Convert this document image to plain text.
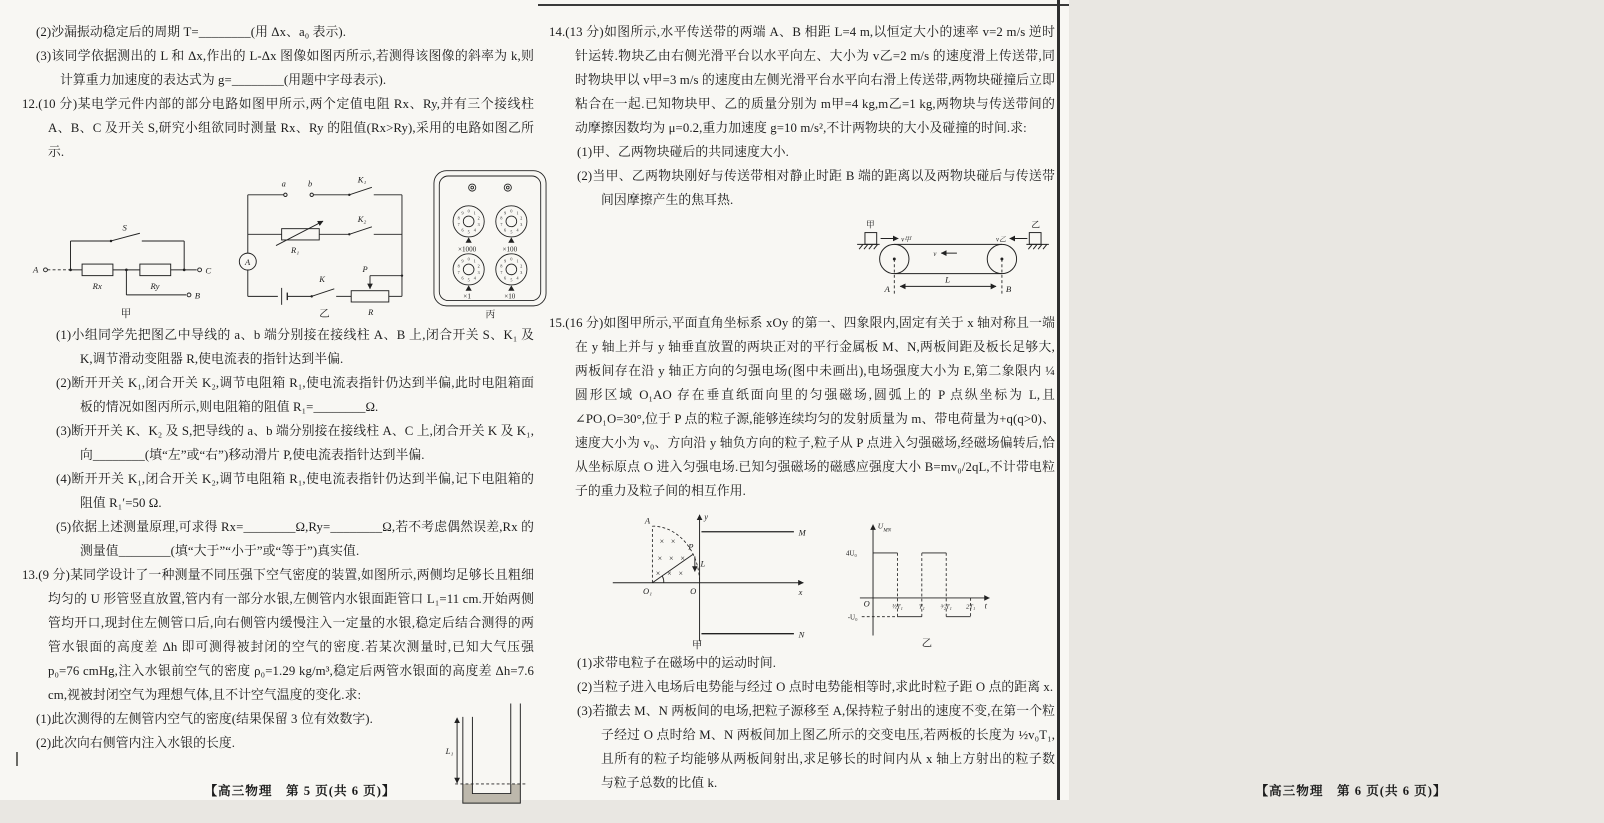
(2)沙漏振动稳定后的周期 T=________(用 Δx、a₀ 表示).

(3)该同学依据测出的 L 和 Δx,作出的 L-Δx 图像如图丙所示,若测得该图像的斜率为 k,则计算重力加速度的表达式为 g=________(用题中字母表示).

12.(10 分)某电学元件内部的部分电路如图甲所示,两个定值电阻 Rx、Ry,并有三个接线柱 A、B、C 及开关 S,研究小组欲同时测量 Rx、Ry 的阻值(Rx>Ry),采用的电路如图乙所示.

A
Rx	Ry
S
C
B
甲
A
a b	K₁
R₁
K₂
K
P
R
乙
0 1
2
3
4
5
6
7
8
9
×1000
0 1
2
3
4
5
6
7
8
9
×100
0 1
2
3
4
5
6
7
8
9
×1
0 1
2
3
4
5
6
7
8
9
×10
丙

(1)小组同学先把图乙中导线的 a、b 端分别接在接线柱 A、B 上,闭合开关 S、K₁ 及 K,调节滑动变阻器 R,使电流表的指针达到半偏.

(2)断开开关 K₁,闭合开关 K₂,调节电阻箱 R₁,使电流表指针仍达到半偏,此时电阻箱面板的情况如图丙所示,则电阻箱的阻值 R₁=________Ω.

(3)断开开关 K、K₂ 及 S,把导线的 a、b 端分别接在接线柱 A、C 上,闭合开关 K 及 K₁,向________(填“左”或“右”)移动滑片 P,使电流表指针达到半偏.

(4)断开开关 K₁,闭合开关 K₂,调节电阻箱 R₁,使电流表指针仍达到半偏,记下电阻箱的阻值 R₁′=50 Ω.

(5)依据上述测量原理,可求得 Rx=________Ω,Ry=________Ω,若不考虑偶然误差,Rx 的测量值________(填“大于”“小于”或“等于”)真实值.

13.(9 分)某同学设计了一种测量不同压强下空气密度的装置,如图所示,两侧均足够长且粗细均匀的 U 形管竖直放置,管内有一部分水银,左侧管内水银面距管口 L₁=11 cm.开始两侧管均开口,现封住左侧管口后,向右侧管内缓慢注入一定量的水银,稳定后结合测得的两管水银面的高度差 Δh 即可测得被封闭的空气的密度.若某次测量时,已知大气压强 p₀=76 cmHg,注入水银前空气的密度 ρ₀=1.29 kg/m³,稳定后两管水银面的高度差 Δh=7.6 cm,视被封闭空气为理想气体,且不计空气温度的变化.求:

(1)此次测得的左侧管内空气的密度(结果保留 3 位有效数字).

(2)此次向右侧管内注入水银的长度.

L₁
【高三物理　第 5 页(共 6 页)】

14.(13 分)如图所示,水平传送带的两端 A、B 相距 L=4 m,以恒定大小的速率 v=2 m/s 逆时针运转.物块乙由右侧光滑平台以水平向左、大小为 v乙=2 m/s 的速度滑上传送带,同时物块甲以 v甲=3 m/s 的速度由左侧光滑平台水平向右滑上传送带,两物块碰撞后立即粘合在一起.已知物块甲、乙的质量分别为 m甲=4 kg,m乙=1 kg,两物块与传送带间的动摩擦因数均为 μ=0.2,重力加速度 g=10 m/s²,不计两物块的大小及碰撞的时间.求:

(1)甲、乙两物块碰后的共同速度大小.

(2)当甲、乙两物块刚好与传送带相对静止时距 B 端的距离以及两物块碰后与传送带间因摩擦产生的焦耳热.

甲
v甲
乙
v乙
v
A	B
L

15.(16 分)如图甲所示,平面直角坐标系 xOy 的第一、四象限内,固定有关于 x 轴对称且一端在 y 轴上并与 y 轴垂直放置的两块正对的平行金属板 M、N,两板间距及板长足够大,两板间存在沿 y 轴正方向的匀强电场(图中未画出),电场强度大小为 E,第二象限内 ¼ 圆形区域 O₁AO 存在垂直纸面向里的匀强磁场,圆弧上的 P 点纵坐标为 L,且∠PO₁O=30°,位于 P 点的粒子源,能够连续均匀的发射质量为 m、带电荷量为+q(q>0)、速度大小为 v₀、方向沿 y 轴负方向的粒子,粒子从 P 点进入匀强磁场,经磁场偏转后,恰从坐标原点 O 进入匀强电场.已知匀强磁场的磁感应强度大小 B=mv₀/2qL,不计带电粒子的重力及粒子间的相互作用.

x
y
O
O₁
A
× ×
× × ×
× × ×
P
L
M
N
甲
U MN
t
O
4U₀
-U₀
½T₁ T₁ ³⁄₂T₁ 2T₁
乙

(1)求带电粒子在磁场中的运动时间.

(2)当粒子进入电场后电势能与经过 O 点时电势能相等时,求此时粒子距 O 点的距离 x.

(3)若撤去 M、N 两板间的电场,把粒子源移至 A,保持粒子射出的速度不变,在第一个粒子经过 O 点时给 M、N 两板间加上图乙所示的交变电压,若两板的长度为 ½v₀T₁,且所有的粒子均能够从两板间射出,求足够长的时间内从 x 轴上方射出的粒子数与粒子总数的比值 k.

【高三物理　第 6 页(共 6 页)】
